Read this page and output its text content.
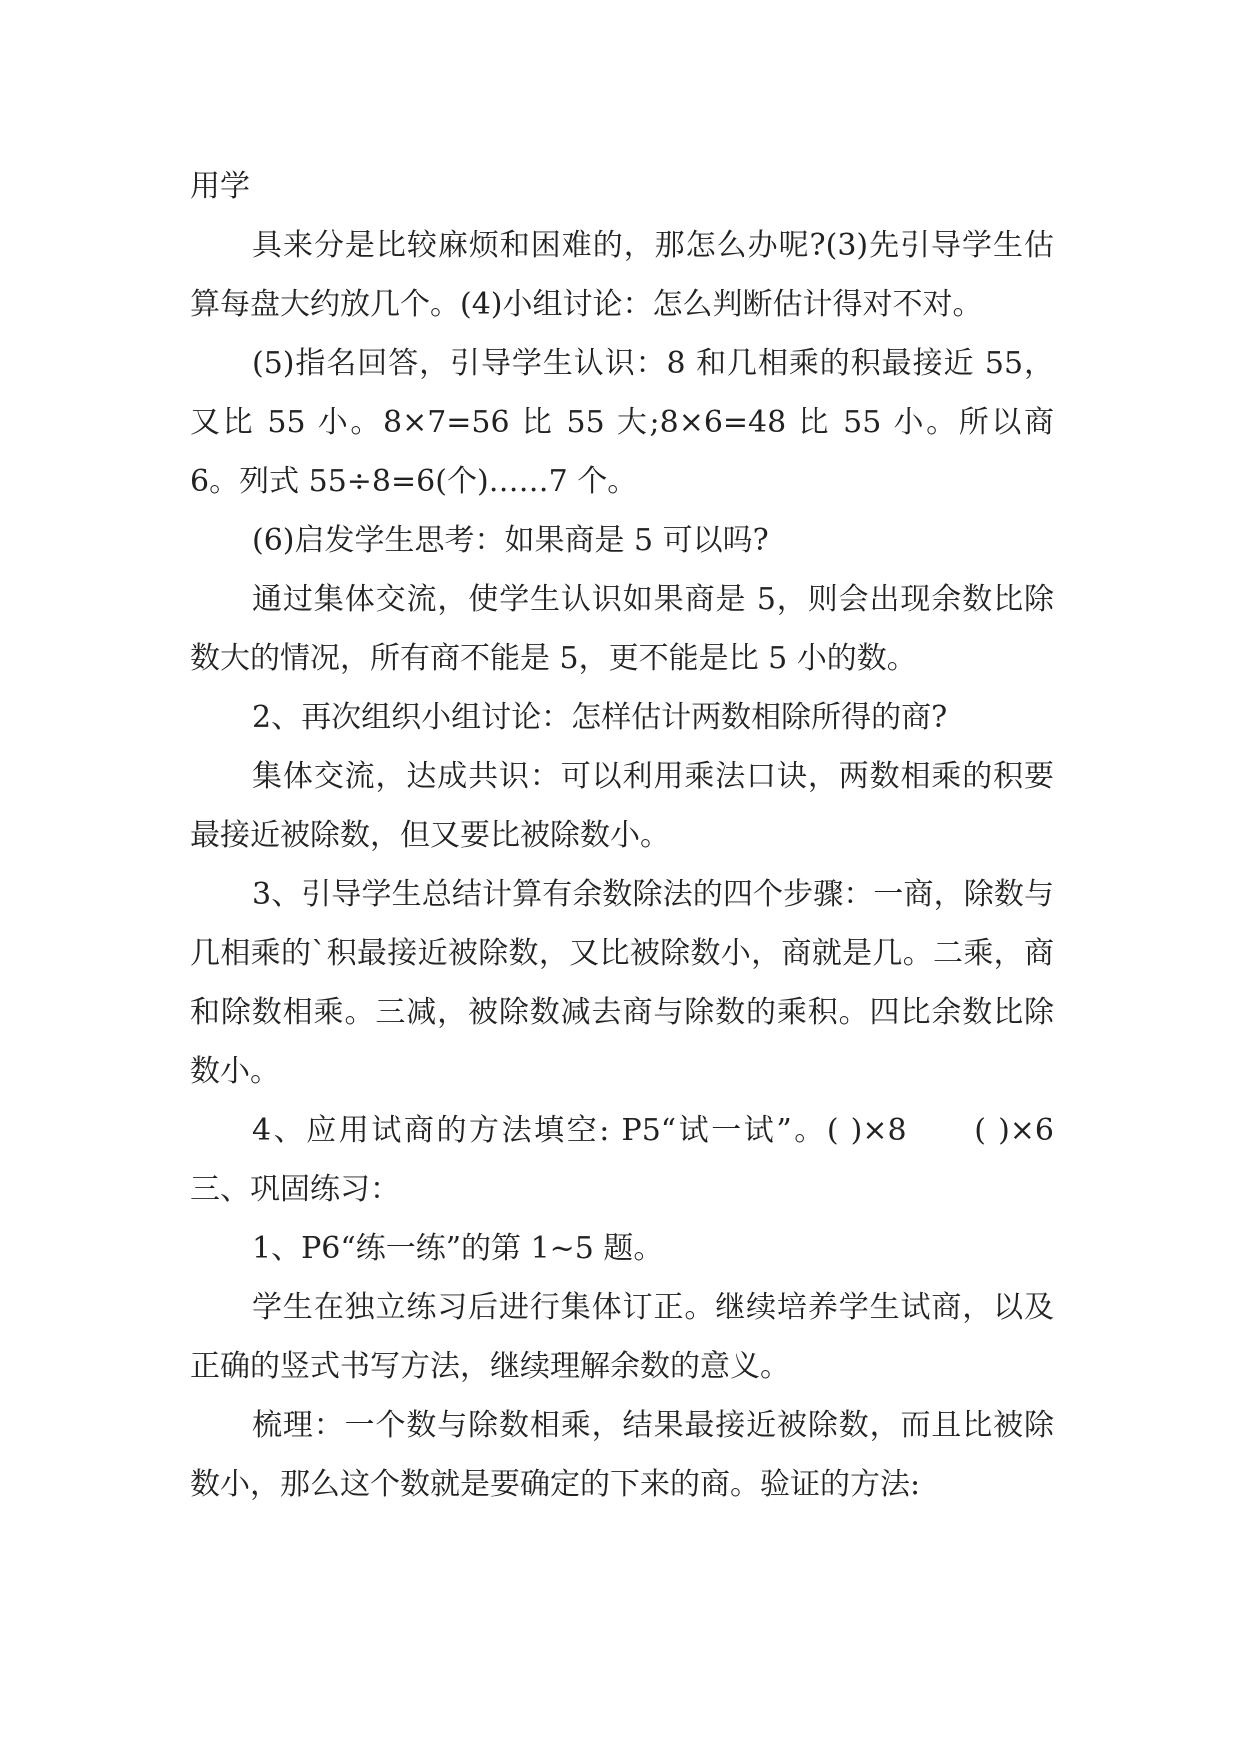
用学

具来分是比较麻烦和困难的，那怎么办呢?(3)先引导学生估算每盘大约放几个。(4)小组讨论：怎么判断估计得对不对。

(5)指名回答，引导学生认识：8 和几相乘的积最接近 55，又比 55 小。8×7=56 比 55 大;8×6=48 比 55 小。所以商 6。列式 55÷8=6(个)……7 个。

(6)启发学生思考：如果商是 5 可以吗?

通过集体交流，使学生认识如果商是 5，则会出现余数比除数大的情况，所有商不能是 5，更不能是比 5 小的数。

2、再次组织小组讨论：怎样估计两数相除所得的商?

集体交流，达成共识：可以利用乘法口诀，两数相乘的积要最接近被除数，但又要比被除数小。

3、引导学生总结计算有余数除法的四个步骤：一商，除数与几相乘的`积最接近被除数，又比被除数小，商就是几。二乘，商和除数相乘。三减，被除数减去商与除数的乘积。四比余数比除数小。

4、应用试商的方法填空: P5“试一试”。( )×8　　( )×6　　三、巩固练习：

1、P6“练一练”的第 1~5 题。

学生在独立练习后进行集体订正。继续培养学生试商，以及正确的竖式书写方法，继续理解余数的意义。

梳理：一个数与除数相乘，结果最接近被除数，而且比被除数小，那么这个数就是要确定的下来的商。验证的方法:
